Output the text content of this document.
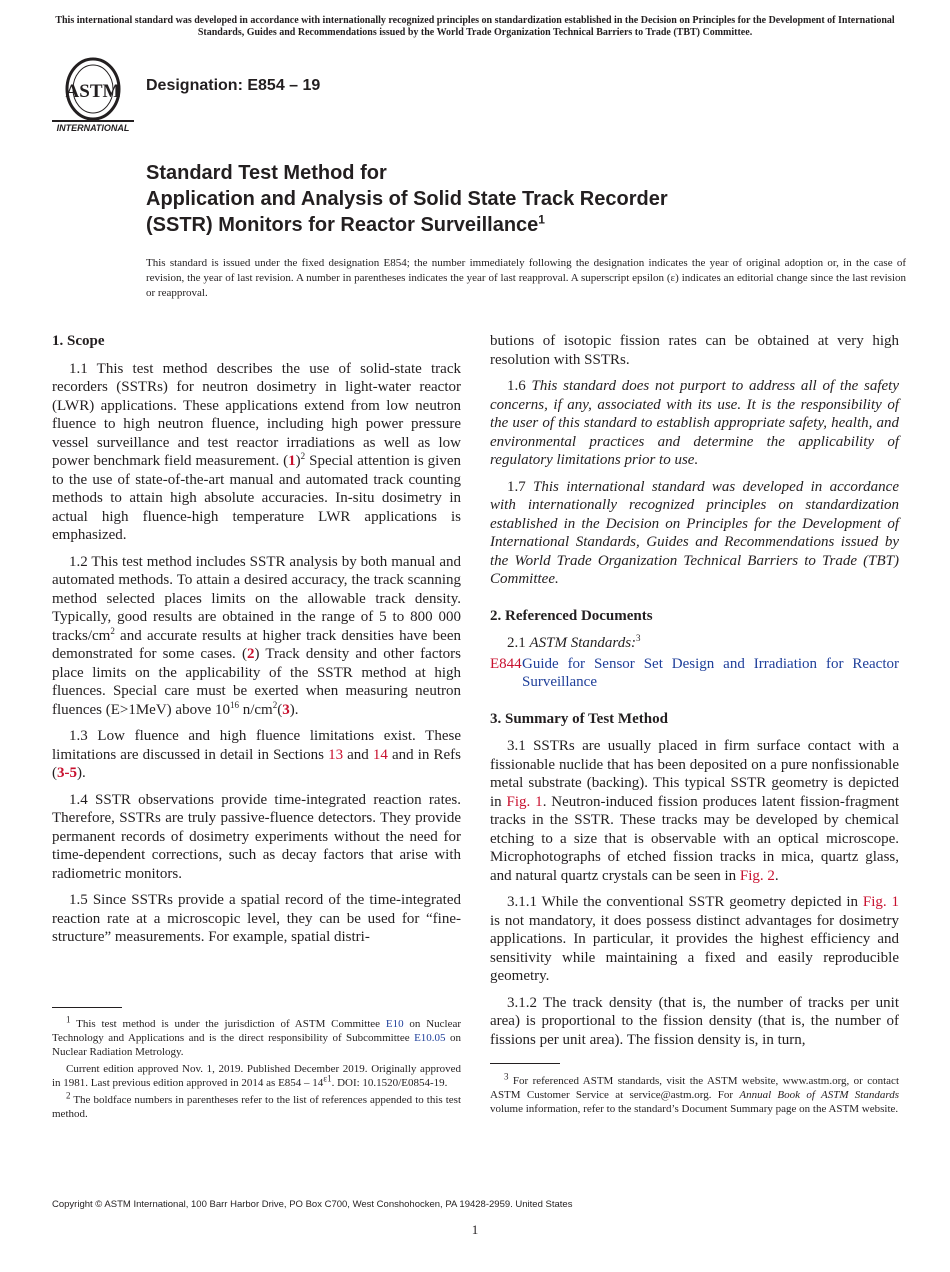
This international standard was developed in accordance with internationally recognized principles on standardization established in the Decision on Principles for the Development of International Standards, Guides and Recommendations issued by the World Trade Organization Technical Barriers to Trade (TBT) Committee.
ASTM
INTERNATIONAL
Designation: E854 – 19
Standard Test Method for
Application and Analysis of Solid State Track Recorder
(SSTR) Monitors for Reactor Surveillance$^1$
This standard is issued under the fixed designation E854; the number immediately following the designation indicates the year of original adoption or, in the case of revision, the year of last revision. A number in parentheses indicates the year of last reapproval. A superscript epsilon (ε) indicates an editorial change since the last revision or reapproval.
1. Scope

1.1 This test method describes the use of solid-state track recorders (SSTRs) for neutron dosimetry in light-water reactor (LWR) applications. These applications extend from low neutron fluence to high neutron fluence, including high power pressure vessel surveillance and test reactor irradiations as well as low power benchmark field measurement. $(1)^2$ Special attention is given to the use of state-of-the-art manual and automated track counting methods to attain high absolute accuracies. In-situ dosimetry in actual high fluence-high temperature LWR applications is emphasized.

1.2 This test method includes SSTR analysis by both manual and automated methods. To attain a desired accuracy, the track scanning method selected places limits on the allowable track density. Typically, good results are obtained in the range of 5 to 800 000 tracks/$cm^2$ and accurate results at higher track densities have been demonstrated for some cases. (2) Track density and other factors place limits on the applicability of the SSTR method at high fluences. Special care must be exerted when measuring neutron fluences (E>1MeV) above $10^{16}$ $n/cm^2(3)$.

1.3 Low fluence and high fluence limitations exist. These limitations are discussed in detail in Sections 13 and 14 and in Refs (3-5).

1.4 SSTR observations provide time-integrated reaction rates. Therefore, SSTRs are truly passive-fluence detectors. They provide permanent records of dosimetry experiments without the need for time-dependent corrections, such as decay factors that arise with radiometric monitors.

1.5 Since SSTRs provide a spatial record of the time-integrated reaction rate at a microscopic level, they can be used for “fine-structure” measurements. For example, spatial distri-

butions of isotopic fission rates can be obtained at very high resolution with SSTRs.

1.6 This standard does not purport to address all of the safety concerns, if any, associated with its use. It is the responsibility of the user of this standard to establish appropriate safety, health, and environmental practices and determine the applicability of regulatory limitations prior to use.

1.7 This international standard was developed in accordance with internationally recognized principles on standardization established in the Decision on Principles for the Development of International Standards, Guides and Recommendations issued by the World Trade Organization Technical Barriers to Trade (TBT) Committee.

2. Referenced Documents

2.1 ASTM Standards:$^3$

E844 Guide for Sensor Set Design and Irradiation for Reactor Surveillance
3. Summary of Test Method

3.1 SSTRs are usually placed in firm surface contact with a fissionable nuclide that has been deposited on a pure nonfissionable metal substrate (backing). This typical SSTR geometry is depicted in Fig. 1. Neutron-induced fission produces latent fission-fragment tracks in the SSTR. These tracks may be developed by chemical etching to a size that is observable with an optical microscope. Microphotographs of etched fission tracks in mica, quartz glass, and natural quartz crystals can be seen in Fig. 2.

3.1.1 While the conventional SSTR geometry depicted in Fig. 1 is not mandatory, it does possess distinct advantages for dosimetry applications. In particular, it provides the highest efficiency and sensitivity while maintaining a fixed and easily reproducible geometry.

3.1.2 The track density (that is, the number of tracks per unit area) is proportional to the fission density (that is, the number of fissions per unit area). The fission density is, in turn,

$^1$ This test method is under the jurisdiction of ASTM Committee E10 on Nuclear Technology and Applications and is the direct responsibility of Subcommittee E10.05 on Nuclear Radiation Metrology.

Current edition approved Nov. 1, 2019. Published December 2019. Originally approved in 1981. Last previous edition approved in 2014 as $E854 - 14^{\varepsilon 1}$. DOI: 10.1520/E0854-19.

$^2$ The boldface numbers in parentheses refer to the list of references appended to this test method.

$^3$ For referenced ASTM standards, visit the ASTM website, www.astm.org, or contact ASTM Customer Service at service@astm.org. For Annual Book of ASTM Standards volume information, refer to the standard’s Document Summary page on the ASTM website.

Copyright © ASTM International, 100 Barr Harbor Drive, PO Box C700, West Conshohocken, PA 19428-2959. United States
1
